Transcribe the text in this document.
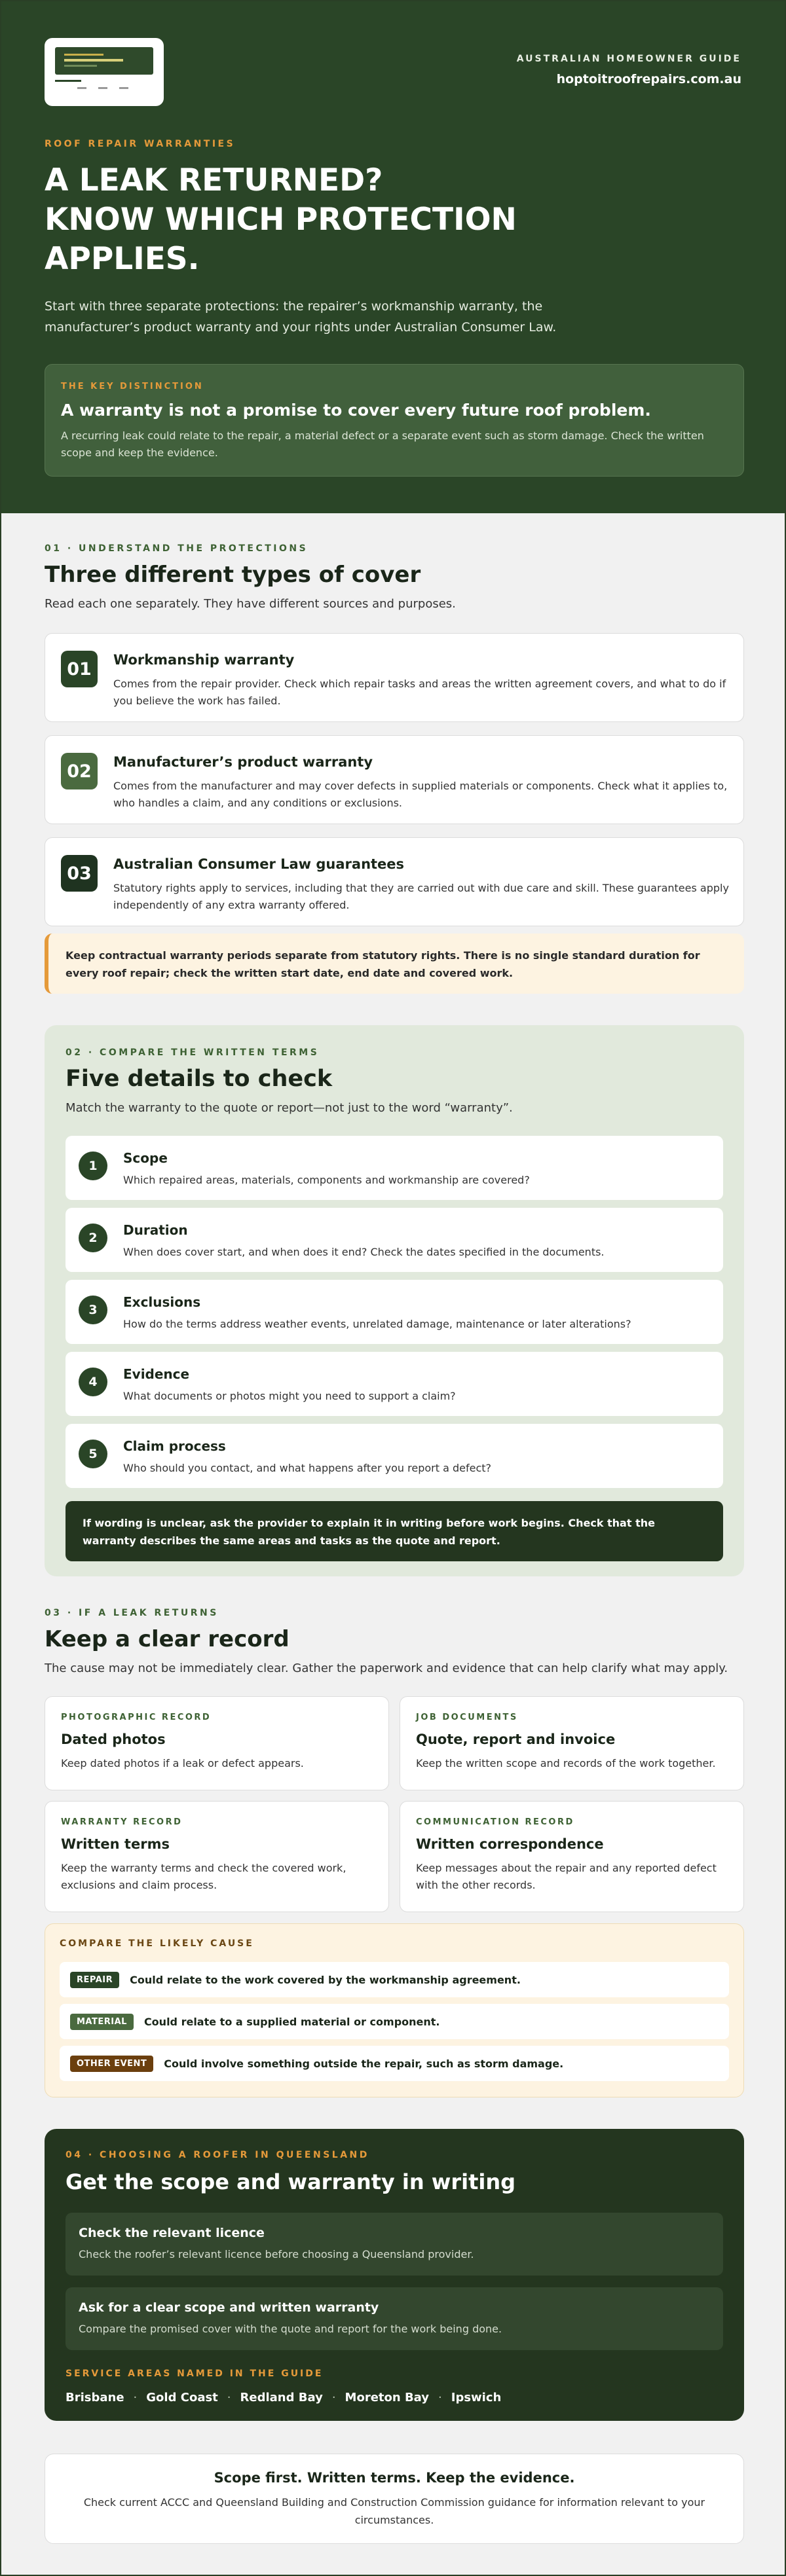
AUSTRALIAN HOMEOWNER GUIDE
hoptoitroofrepairs.com.au
ROOF REPAIR WARRANTIES
A LEAK RETURNED?
KNOW WHICH PROTECTION
APPLIES.

Start with three separate protections: the repairer’s workmanship warranty, the manufacturer’s product warranty and your rights under Australian Consumer Law.

THE KEY DISTINCTION
A warranty is not a promise to cover every future roof problem.
A recurring leak could relate to the repair, a material defect or a separate event such as storm damage. Check the written scope and keep the evidence.
01 · UNDERSTAND THE PROTECTIONS
Three different types of cover

Read each one separately. They have different sources and purposes.

01	Workmanship warranty
Comes from the repair provider. Check which repair tasks and areas the written agreement covers, and what to do if you believe the work has failed.
02	Manufacturer’s product warranty
Comes from the manufacturer and may cover defects in supplied materials or components. Check what it applies to, who handles a claim, and any conditions or exclusions.
03	Australian Consumer Law guarantees
Statutory rights apply to services, including that they are carried out with due care and skill. These guarantees apply independently of any extra warranty offered.
Keep contractual warranty periods separate from statutory rights. There is no single standard duration for every roof repair; check the written start date, end date and covered work.
02 · COMPARE THE WRITTEN TERMS
Five details to check

Match the warranty to the quote or report—not just to the word “warranty”.

1	Scope
Which repaired areas, materials, components and workmanship are covered?
2	Duration
When does cover start, and when does it end? Check the dates specified in the documents.
3	Exclusions
How do the terms address weather events, unrelated damage, maintenance or later alterations?
4	Evidence
What documents or photos might you need to support a claim?
5	Claim process
Who should you contact, and what happens after you report a defect?
If wording is unclear, ask the provider to explain it in writing before work begins. Check that the warranty describes the same areas and tasks as the quote and report.
03 · IF A LEAK RETURNS
Keep a clear record

The cause may not be immediately clear. Gather the paperwork and evidence that can help clarify what may apply.

PHOTOGRAPHIC RECORD
Dated photos
Keep dated photos if a leak or defect appears.
JOB DOCUMENTS
Quote, report and invoice
Keep the written scope and records of the work together.
WARRANTY RECORD
Written terms
Keep the warranty terms and check the covered work, exclusions and claim process.
COMMUNICATION RECORD
Written correspondence
Keep messages about the repair and any reported defect with the other records.
COMPARE THE LIKELY CAUSE
REPAIR	Could relate to the work covered by the workmanship agreement.
MATERIAL	Could relate to a supplied material or component.
OTHER EVENT	Could involve something outside the repair, such as storm damage.
04 · CHOOSING A ROOFER IN QUEENSLAND
Get the scope and warranty in writing
Check the relevant licence
Check the roofer’s relevant licence before choosing a Queensland provider.
Ask for a clear scope and written warranty
Compare the promised cover with the quote and report for the work being done.
SERVICE AREAS NAMED IN THE GUIDE
Brisbane · Gold Coast · Redland Bay · Moreton Bay · Ipswich
Scope first. Written terms. Keep the evidence.
Check current ACCC and Queensland Building and Construction Commission guidance for information relevant to your circumstances.
